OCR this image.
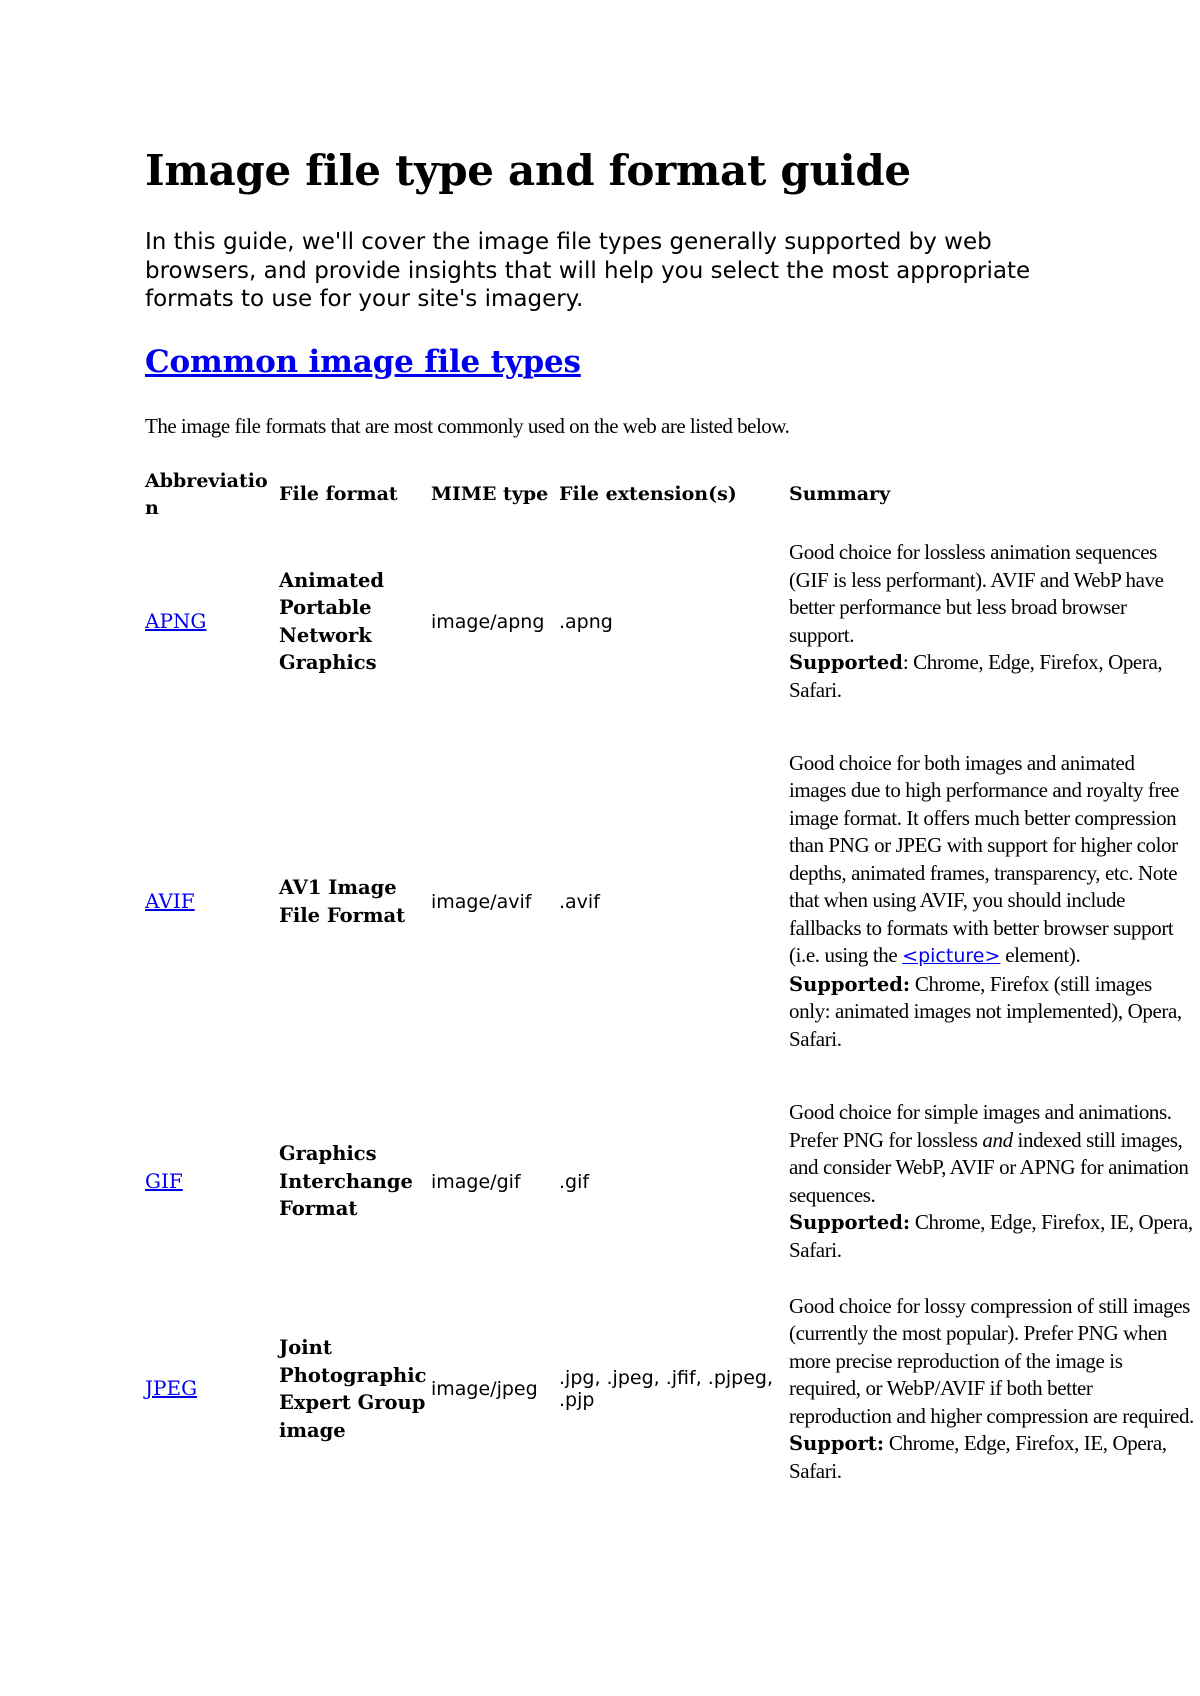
Image file type and format guide

In this guide, we'll cover the image file types generally supported by web browsers, and provide insights that will help you select the most appropriate formats to use for your site's imagery.

Common image file types

The image file formats that are most commonly used on the web are listed below.

Abbreviation	File format	MIME type	File extension(s)	Summary
APNG	Animated Portable Network Graphics	image/apng	.apng	Good choice for lossless animation sequences (GIF is less performant). AVIF and WebP have better performance but less broad browser support.
Supported: Chrome, Edge, Firefox, Opera, Safari.
AVIF	AV1 Image File Format	image/avif	.avif	Good choice for both images and animated images due to high performance and royalty free image format. It offers much better compression than PNG or JPEG with support for higher color depths, animated frames, transparency, etc. Note that when using AVIF, you should include fallbacks to formats with better browser support (i.e. using the <picture> element).
Supported: Chrome, Firefox (still images only: animated images not implemented), Opera, Safari.
GIF	Graphics Interchange Format	image/gif	.gif	Good choice for simple images and animations. Prefer PNG for lossless and indexed still images, and consider WebP, AVIF or APNG for animation sequences.
Supported: Chrome, Edge, Firefox, IE, Opera, Safari.
JPEG	Joint Photographic Expert Group image	image/jpeg	.jpg, .jpeg, .jfif, .pjpeg, .pjp	Good choice for lossy compression of still images (currently the most popular). Prefer PNG when more precise reproduction of the image is required, or WebP/AVIF if both better reproduction and higher compression are required.
Support: Chrome, Edge, Firefox, IE, Opera, Safari.
